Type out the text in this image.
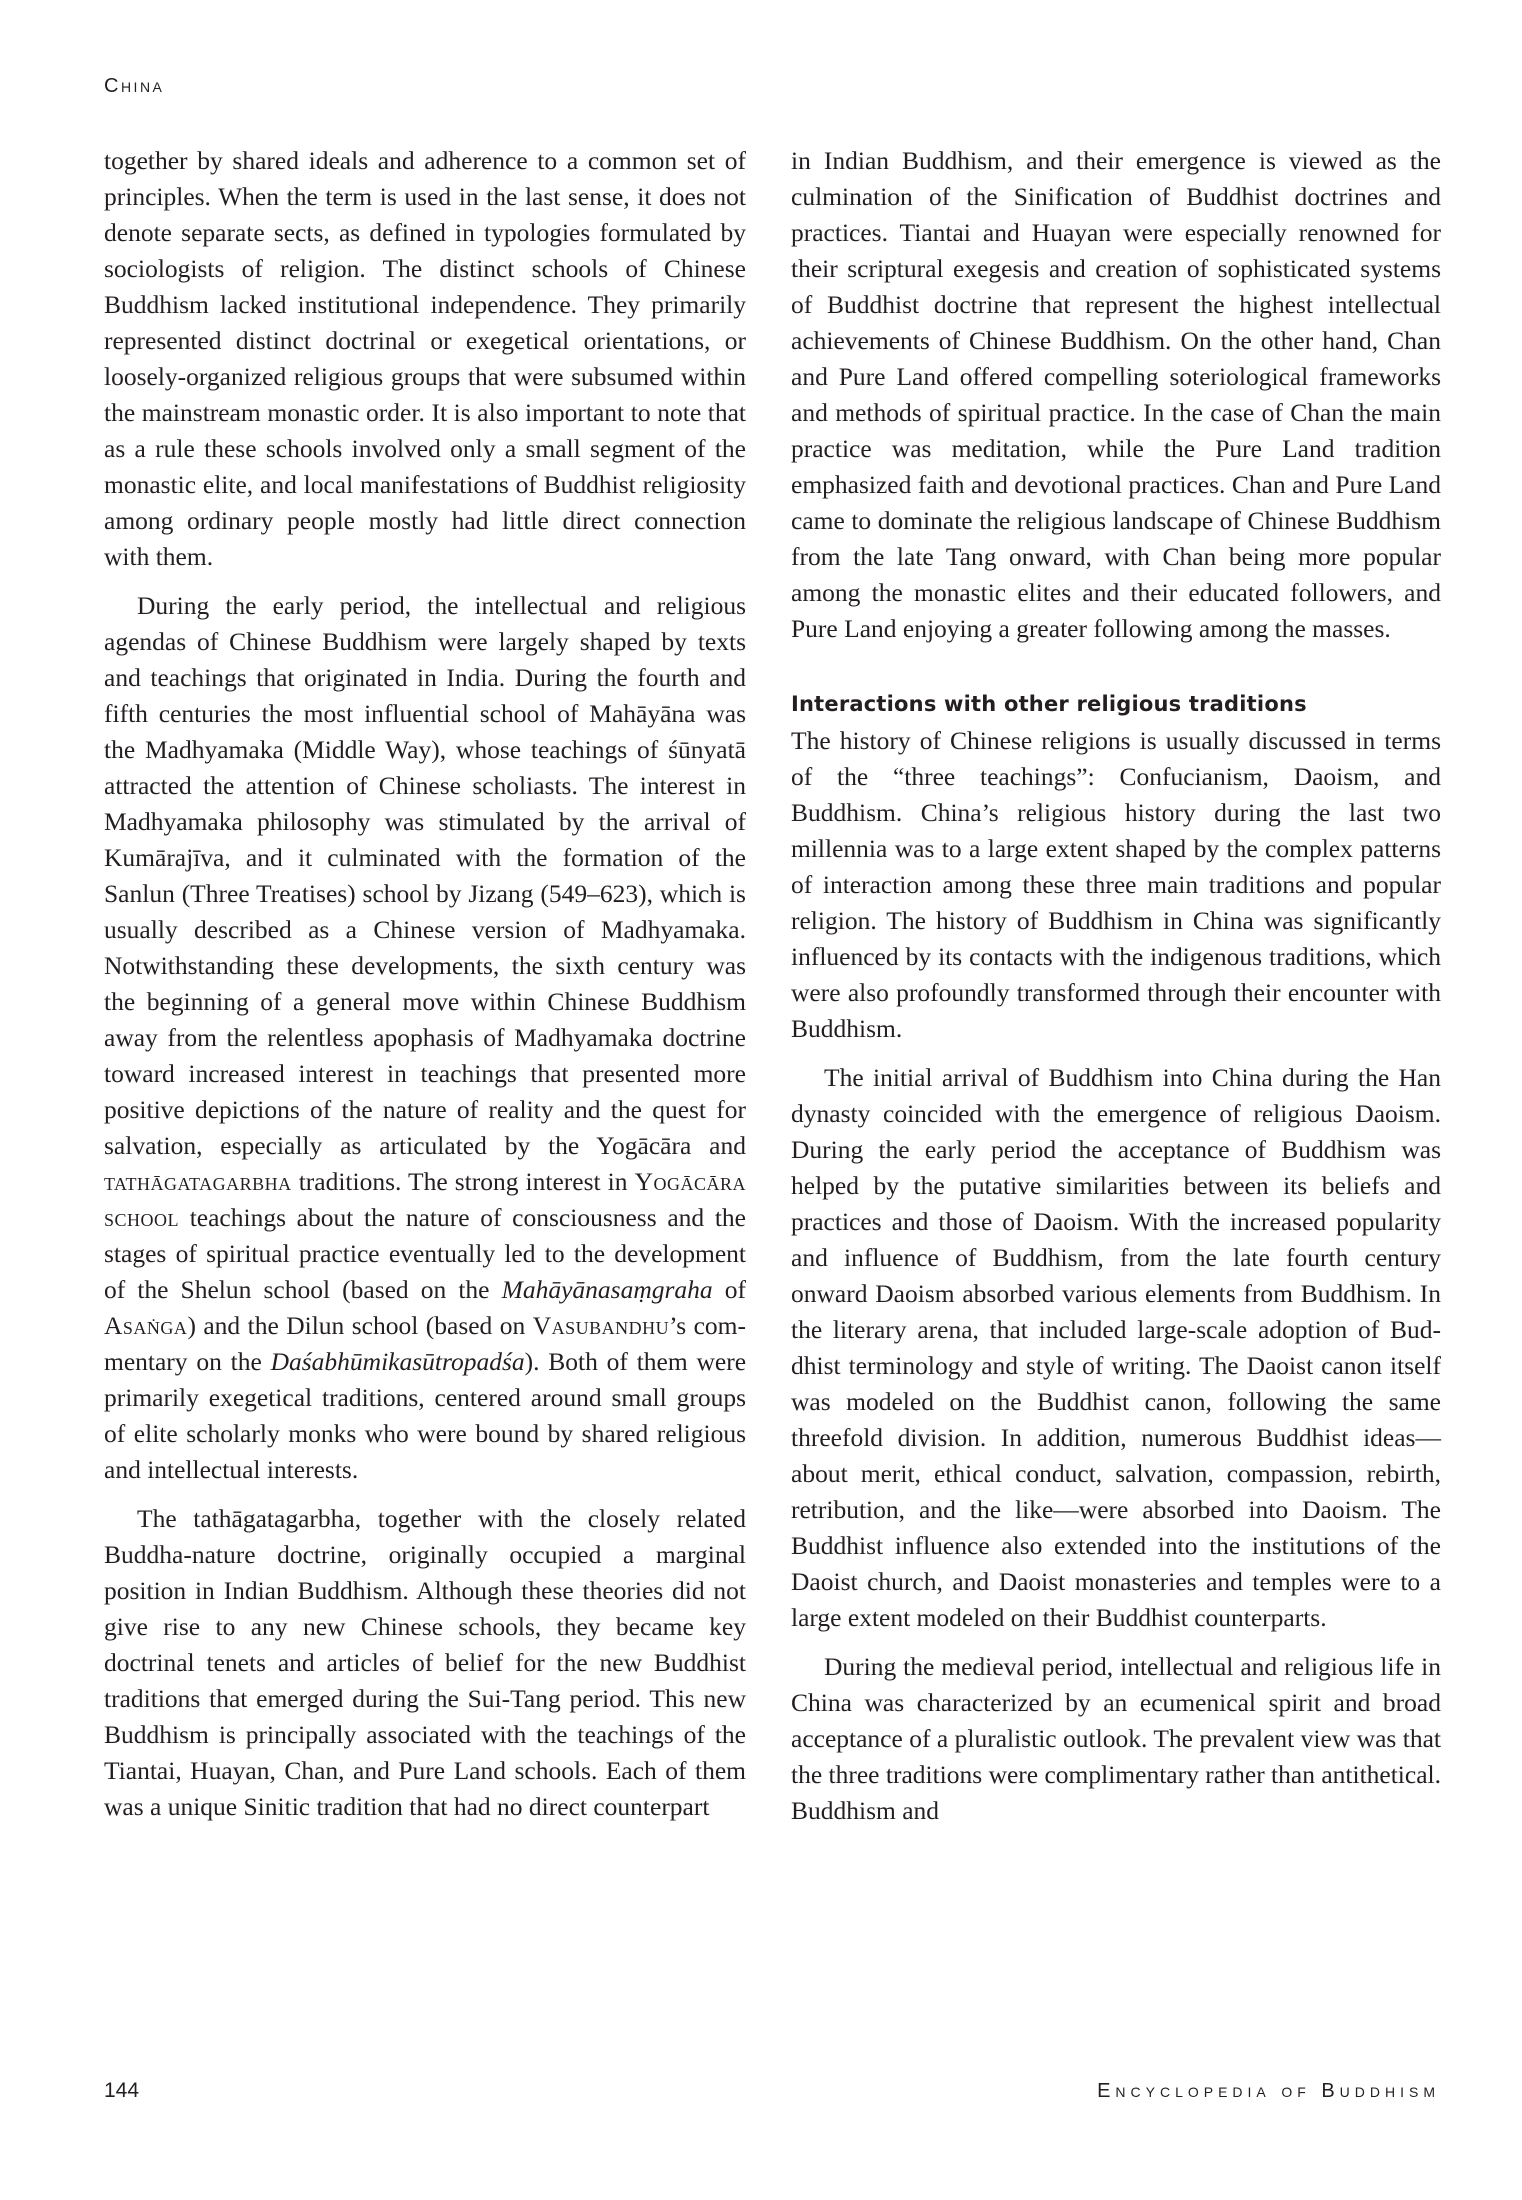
China

together by shared ideals and adherence to a common set of principles. When the term is used in the last sense, it does not denote separate sects, as defined in typologies formulated by sociologists of religion. The distinct schools of Chinese Buddhism lacked institutional independence. They primarily represented distinct doctrinal or exegetical orientations, or loosely-organized religious groups that were subsumed within the mainstream monastic order. It is also important to note that as a rule these schools involved only a small segment of the monastic elite, and local manifestations of Buddhist religiosity among ordinary people mostly had little direct connection with them.

During the early period, the intellectual and religious agendas of Chinese Buddhism were largely shaped by texts and teachings that originated in India. During the fourth and fifth centuries the most influential school of Mahāyāna was the Madhyamaka (Middle Way), whose teachings of śūnyatā attracted the attention of Chinese scholiasts. The interest in Madhyamaka philosophy was stimulated by the arrival of Kumārajīva, and it culminated with the formation of the Sanlun (Three Treatises) school by Jizang (549–623), which is usually described as a Chinese version of Madhyamaka. Notwithstanding these developments, the sixth century was the beginning of a general move within Chinese Buddhism away from the relentless apophasis of Madhyamaka doctrine toward increased interest in teachings that presented more positive depictions of the nature of reality and the quest for salvation, especially as articulated by the Yogācāra and tathāgatagarbha traditions. The strong interest in Yogācāra school teachings about the nature of consciousness and the stages of spiritual practice eventually led to the development of the Shelun school (based on the Mahāyānasaṃgraha of Asaṅga) and the Dilun school (based on Vasubandhu’s commentary on the Daśabhūmikasūtropadśa). Both of them were primarily exegetical traditions, centered around small groups of elite scholarly monks who were bound by shared religious and intellectual interests.

The tathāgatagarbha, together with the closely related Buddha-nature doctrine, originally occupied a marginal position in Indian Buddhism. Although these theories did not give rise to any new Chinese schools, they became key doctrinal tenets and articles of belief for the new Buddhist traditions that emerged during the Sui-Tang period. This new Buddhism is principally associated with the teachings of the Tiantai, Huayan, Chan, and Pure Land schools. Each of them was a unique Sinitic tradition that had no direct counterpart

in Indian Buddhism, and their emergence is viewed as the culmination of the Sinification of Buddhist doctrines and practices. Tiantai and Huayan were especially renowned for their scriptural exegesis and creation of sophisticated systems of Buddhist doctrine that represent the highest intellectual achievements of Chinese Buddhism. On the other hand, Chan and Pure Land offered compelling soteriological frameworks and methods of spiritual practice. In the case of Chan the main practice was meditation, while the Pure Land tradition emphasized faith and devotional practices. Chan and Pure Land came to dominate the religious landscape of Chinese Buddhism from the late Tang onward, with Chan being more popular among the monastic elites and their educated followers, and Pure Land enjoying a greater following among the masses.

Interactions with other religious traditions

The history of Chinese religions is usually discussed in terms of the “three teachings”: Confucianism, Daoism, and Buddhism. China’s religious history during the last two millennia was to a large extent shaped by the complex patterns of interaction among these three main traditions and popular religion. The history of Buddhism in China was significantly influenced by its contacts with the indigenous traditions, which were also profoundly transformed through their encounter with Buddhism.

The initial arrival of Buddhism into China during the Han dynasty coincided with the emergence of religious Daoism. During the early period the acceptance of Buddhism was helped by the putative similarities between its beliefs and practices and those of Daoism. With the increased popularity and influence of Buddhism, from the late fourth century onward Daoism absorbed various elements from Buddhism. In the literary arena, that included large-scale adoption of Buddhist terminology and style of writing. The Daoist canon itself was modeled on the Buddhist canon, following the same threefold division. In addition, numerous Buddhist ideas—about merit, ethical conduct, salvation, compassion, rebirth, retribution, and the like—were absorbed into Daoism. The Buddhist influence also extended into the institutions of the Daoist church, and Daoist monasteries and temples were to a large extent modeled on their Buddhist counterparts.

During the medieval period, intellectual and religious life in China was characterized by an ecumenical spirit and broad acceptance of a pluralistic outlook. The prevalent view was that the three traditions were complimentary rather than antithetical. Buddhism and

144	Encyclopedia of Buddhism
